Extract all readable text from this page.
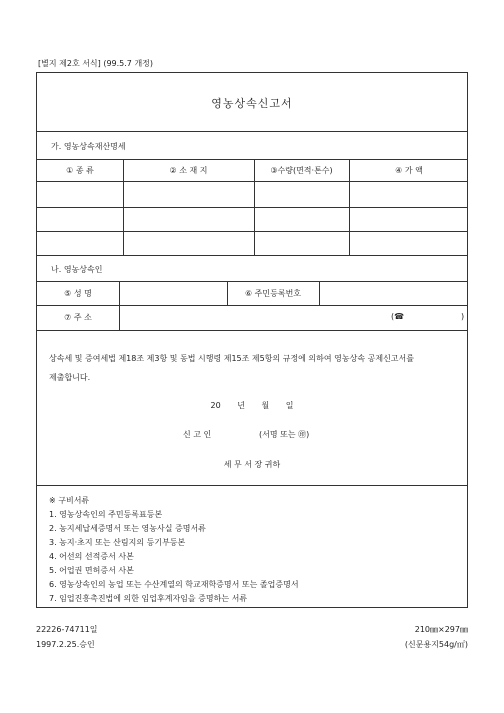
[별지 제2호 서식] (99.5.7 개정)
영농상속신고서
가. 영농상속재산명세
① 종 류	② 소 재 지	③수량(면적·톤수)	④ 가 액
나. 영농상속인
⑤ 성 명	⑥ 주민등록번호
⑦ 주 소	(☎	)
상속세 및 증여세법 제18조 제3항 및 동법 시행령 제15조 제5항의 규정에 의하여 영농상속 공제신고서를
제출합니다.
20 년 월 일
신 고 인	(서명 또는 ㊞)
세 무 서 장 귀하
※ 구비서류
1. 영농상속인의 주민등록표등본
2. 농지세납세증명서 또는 영농사실 증명서류
3. 농지·초지 또는 산림지의 등기부등본
4. 어선의 선적증서 사본
5. 어업권 면허증서 사본
6. 영농상속인의 농업 또는 수산계열의 학교재학증명서 또는 졸업증명서
7. 임업진흥촉진법에 의한 임업후계자임을 증명하는 서류
22226-74711일
1997.2.25.승인
210㎜×297㎜
(신문용지54g/㎡)
